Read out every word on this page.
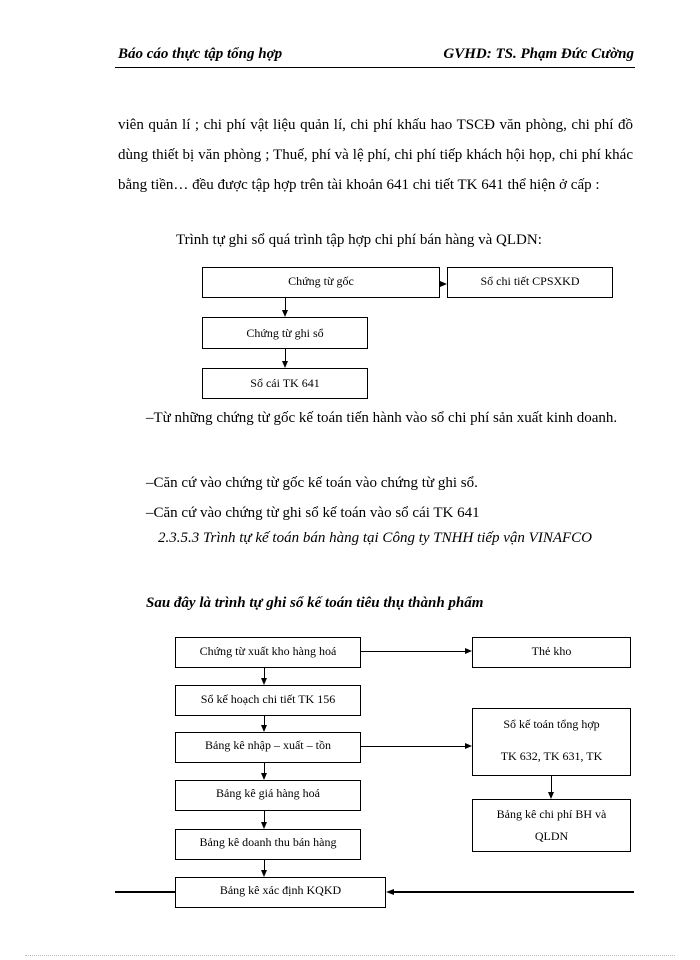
Báo cáo thực tập tổng hợp	GVHD: TS. Phạm Đức Cường
viên quản lí ; chi phí vật liệu quản lí, chi phí khấu hao TSCĐ văn phòng, chi phí đồ dùng thiết bị văn phòng ; Thuế, phí và lệ phí, chi phí tiếp khách hội họp, chi phí khác bằng tiền… đều được tập hợp trên tài khoản 641 chi tiết TK 641 thể hiện ở cấp :
Trình tự ghi sổ quá trình tập hợp chi phí bán hàng và QLDN:
Chứng từ gốc	Sổ chi tiết CPSXKD
Chứng từ ghi sổ
Sổ cái TK 641
–Từ những chứng từ gốc kế toán tiến hành vào sổ chi phí sản xuất kinh doanh.
–Căn cứ vào chứng từ gốc kế toán vào chứng từ ghi sổ.
–Căn cứ vào chứng từ ghi sổ kế toán vào sổ cái TK 641
2.3.5.3 Trình tự kế toán bán hàng tại Công ty TNHH tiếp vận VINAFCO
Sau đây là trình tự ghi sổ kế toán tiêu thụ thành phẩm
Chứng từ xuất kho hàng hoá	Thẻ kho
Sổ kế hoạch chi tiết TK 156
Bảng kê nhập – xuất – tồn
Sổ kế toán tổng hợp
TK 632, TK 631, TK
Bảng kê giá hàng hoá
Bảng kê chi phí BH và
QLDN
Bảng kê doanh thu bán hàng
Bảng kê xác định KQKD
